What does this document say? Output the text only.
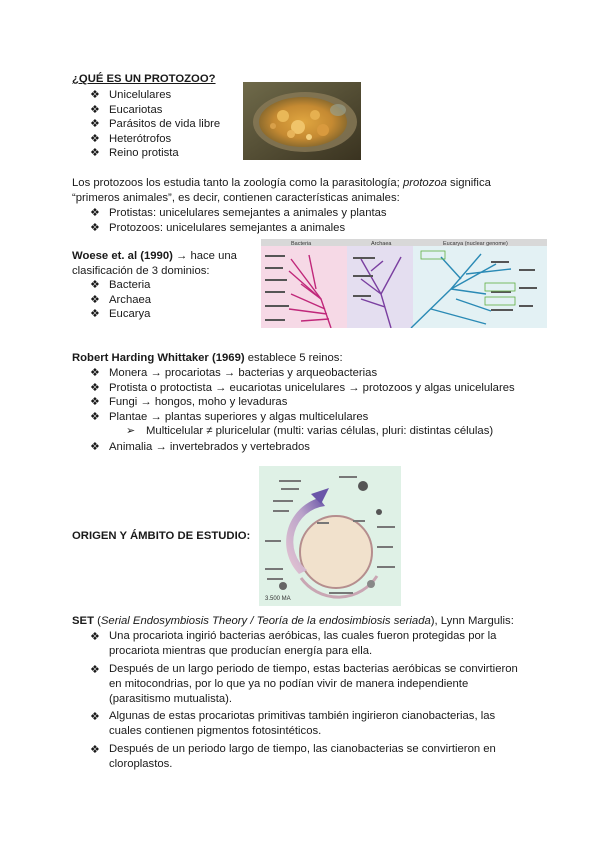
¿QUÉ ES UN PROTOZOO?
❖ Unicelulares
❖ Eucariotas
❖ Parásitos de vida libre
❖ Heterótrofos
❖ Reino protista
Los protozoos los estudia tanto la zoología como la parasitología; protozoa significa
“primeros animales”, es decir, contienen características animales:
❖ Protistas: unicelulares semejantes a animales y plantas
❖ Protozoos: unicelulares semejantes a animales
Woese et. al (1990) → hace una
clasificación de 3 dominios:
❖ Bacteria
❖ Archaea
❖ Eucarya
Bacteria	Archaea	Eucarya (nuclear genome)
Robert Harding Whittaker (1969) establece 5 reinos:
❖ Monera → procariotas → bacterias y arqueobacterias
❖ Protista o protoctista → eucariotas unicelulares → protozoos y algas unicelulares
❖ Fungi → hongos, moho y levaduras
❖ Plantae → plantas superiores y algas multicelulares
➢ Multicelular ≠ pluricelular (multi: varias células, pluri: distintas células)
❖ Animalia → invertebrados y vertebrados
ORIGEN Y ÁMBITO DE ESTUDIO:
3.500 MA
SET (Serial Endosymbiosis Theory / Teoría de la endosimbiosis seriada), Lynn Margulis:
❖ Una procariota ingirió bacterias aeróbicas, las cuales fueron protegidas por la procariota mientras que producían energía para ella.
❖ Después de un largo periodo de tiempo, estas bacterias aeróbicas se convirtieron en mitocondrias, por lo que ya no podían vivir de manera independiente (parasitismo mutualista).
❖ Algunas de estas procariotas primitivas también ingirieron cianobacterias, las cuales contienen pigmentos fotosintéticos.
❖ Después de un periodo largo de tiempo, las cianobacterias se convirtieron en cloroplastos.
